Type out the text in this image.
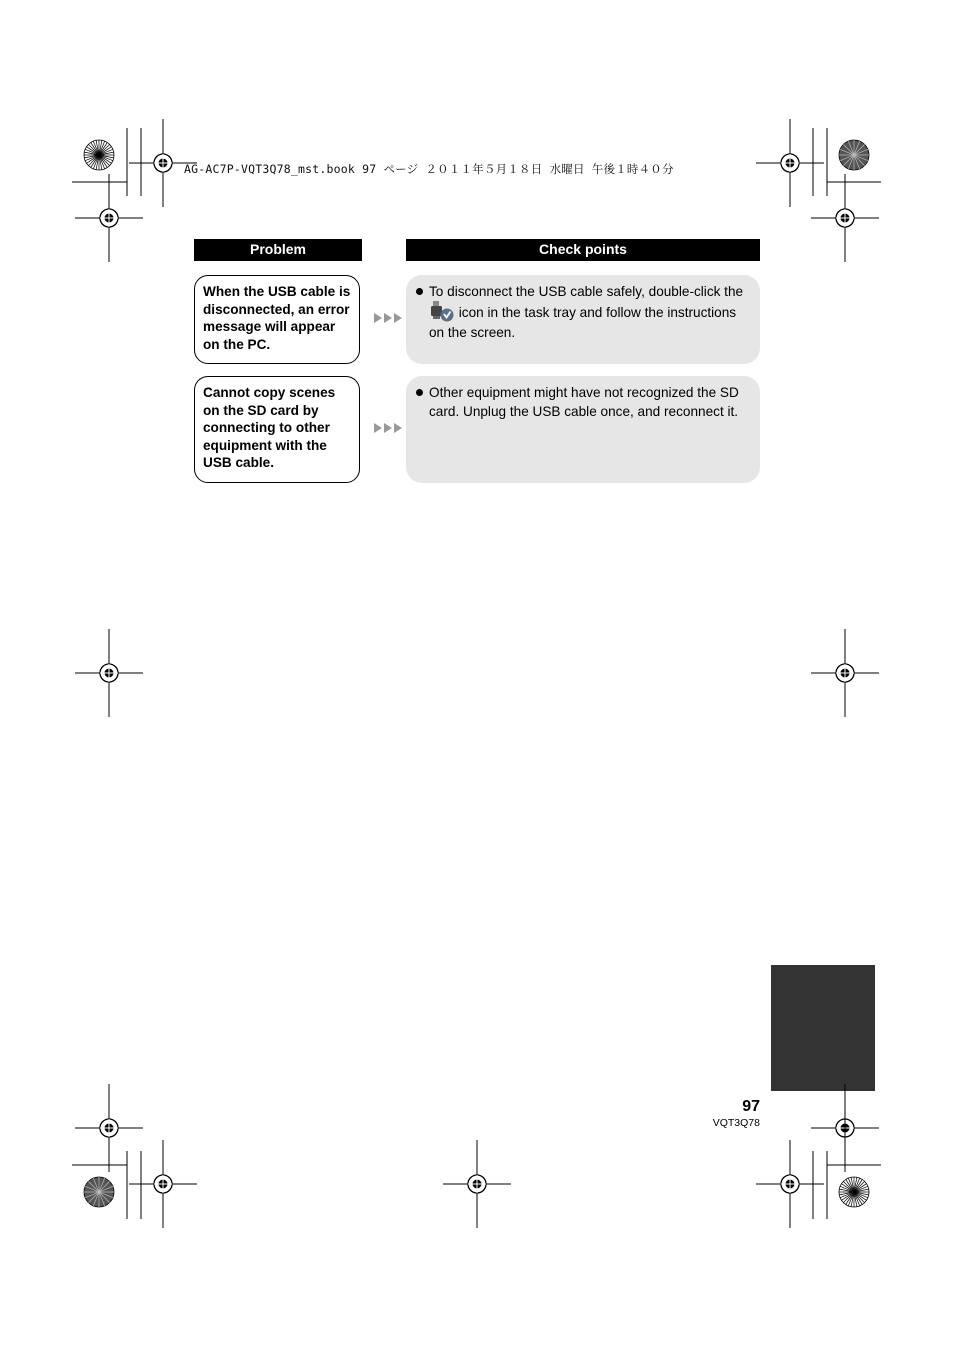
AG-AC7P-VQT3Q78_mst.book 97 ページ ２０１１年５月１８日 水曜日 午後１時４０分
Problem	Check points
When the USB cable is disconnected, an error message will appear on the PC.
To disconnect the USB cable safely, double-click the
icon in the task tray and follow the instructions on the screen.
Cannot copy scenes on the SD card by connecting to other equipment with the USB cable.
Other equipment might have not recognized the SD card. Unplug the USB cable once, and reconnect it.
97
VQT3Q78
